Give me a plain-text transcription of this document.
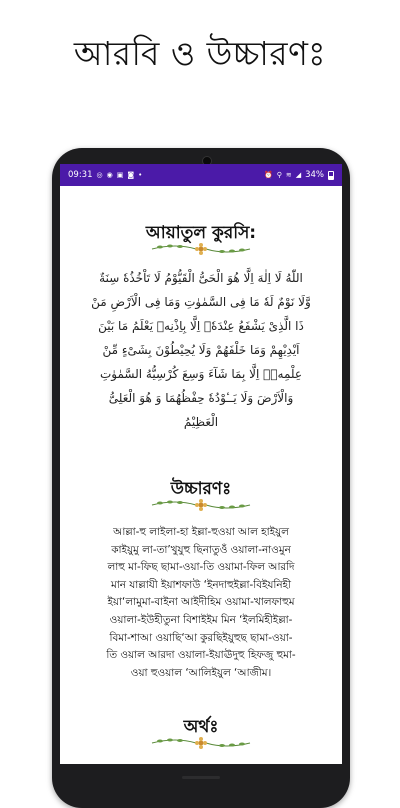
আরবি ও উচ্চারণঃ
09:31 ◎ ◉ ▣ ◙ •	⏰ ⚲ ≋ ◢ 34%
আয়াতুল কুরসি:
اللّٰهُ لَا اِلٰهَ اِلَّا هُوَ الْحَیُّ الْقَیُّوْمُ لَا تَاْخُذُهٗ سِنَةٌ
وَّلَا نَوْمٌ لَهٗ مَا فِی السَّمٰوٰتِ وَمَا فِی الْاَرْضِ مَنْ
ذَا الَّذِیْ یَشْفَعُ عِنْدَهٗۤ اِلَّا بِاِذْنِهٖ یَعْلَمُ مَا بَیْنَ
اَیْدِیْهِمْ وَمَا خَلْفَهُمْ وَلَا یُحِیْطُوْنَ بِشَیْءٍ مِّنْ
عِلْمِهٖۤ اِلَّا بِمَا شَآءَ وَسِعَ كُرْسِیُّهُ السَّمٰوٰتِ
وَالْاَرْضَ وَلَا یَــٔوْدُهٗ حِفْظُهُمَا وَ هُوَ الْعَلِیُّ
الْعَظِیْمُ
উচ্চারণঃ
আল্লা-হু লাইলা-হা ইল্লা-হুওয়া আল হাইয়ুল
কাইয়ুমু লা-তা’খুযুহু ছিনাতুওঁ ওয়ালা-নাওমুন
লাহু মা-ফিছ ছামা-ওয়া-তি ওয়ামা-ফিল আরদি
মান যাল্লাযী ইয়াশফাউ ‘ইনদাহুইল্লা-বিইযনিহী
ইয়া‘লামুমা-বাইনা আইদীহিম ওয়ামা-খালফাহুম
ওয়ালা-ইউহীতুনা বিশাইইম মিন ‘ইলমিহীইল্লা-
বিমা-শাআ ওয়াছি‘আ কুরছিইয়ুহুছ ছামা-ওয়া-
তি ওয়াল আরদা ওয়ালা-ইয়াঊদুহু হিফজু হুমা-
ওয়া হুওয়াল ‘আলিইয়ুল ‘আজীম।
অর্থঃ
